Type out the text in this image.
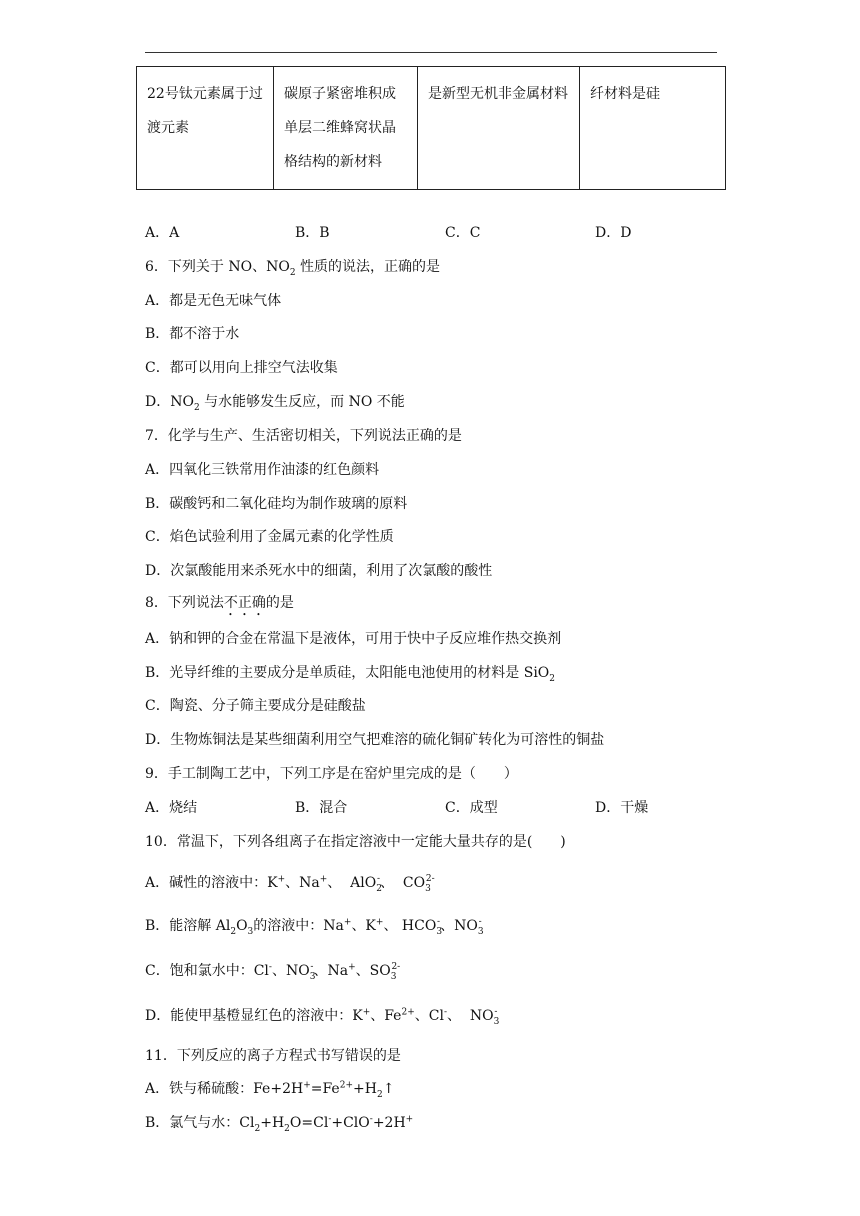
22号钛元素属于过渡元素	碳原子紧密堆积成单层二维蜂窝状晶格结构的新材料	是新型无机非金属材料	纤材料是硅
A．A	B．B	C．C	D．D
6．下列关于 NO、$NO_2$ 性质的说法，正确的是
A．都是无色无味气体
B．都不溶于水
C．都可以用向上排空气法收集
D．$NO_2$ 与水能够发生反应，而 NO 不能
7．化学与生产、生活密切相关，下列说法正确的是
A．四氧化三铁常用作油漆的红色颜料
B．碳酸钙和二氧化硅均为制作玻璃的原料
C．焰色试验利用了金属元素的化学性质
D．次氯酸能用来杀死水中的细菌，利用了次氯酸的酸性
8．下列说法不正确的是
A．钠和钾的合金在常温下是液体，可用于快中子反应堆作热交换剂
B．光导纤维的主要成分是单质硅，太阳能电池使用的材料是 SiO$_2$
C．陶瓷、分子筛主要成分是硅酸盐
D．生物炼铜法是某些细菌利用空气把难溶的硫化铜矿转化为可溶性的铜盐
9．手工制陶工艺中，下列工序是在窑炉里完成的是（　　）
A．烧结	B．混合	C．成型	D．干燥
10．常温下，下列各组离子在指定溶液中一定能大量共存的是(　　)
A．碱性的溶液中：K+、Na+、  AlO$_2$-、  $CO_3^{2-}$
B．能溶解 $Al_2O_3$的溶液中：Na+、K+、 $HCO_3^-$、$NO_3^-$
C．饱和氯水中：Cl-、$NO_3^-$、Na+、$SO_3^{2-}$
D．能使甲基橙显红色的溶液中：K+、$Fe^{2+}$、Cl-、  $NO_3^-$
11．下列反应的离子方程式书写错误的是
A．铁与稀硫酸：$Fe+2H^+=Fe^{2+}+H_2↑$
B．氯气与水：$Cl_2+H_2O=Cl^-+ClO^-+2H^+$
